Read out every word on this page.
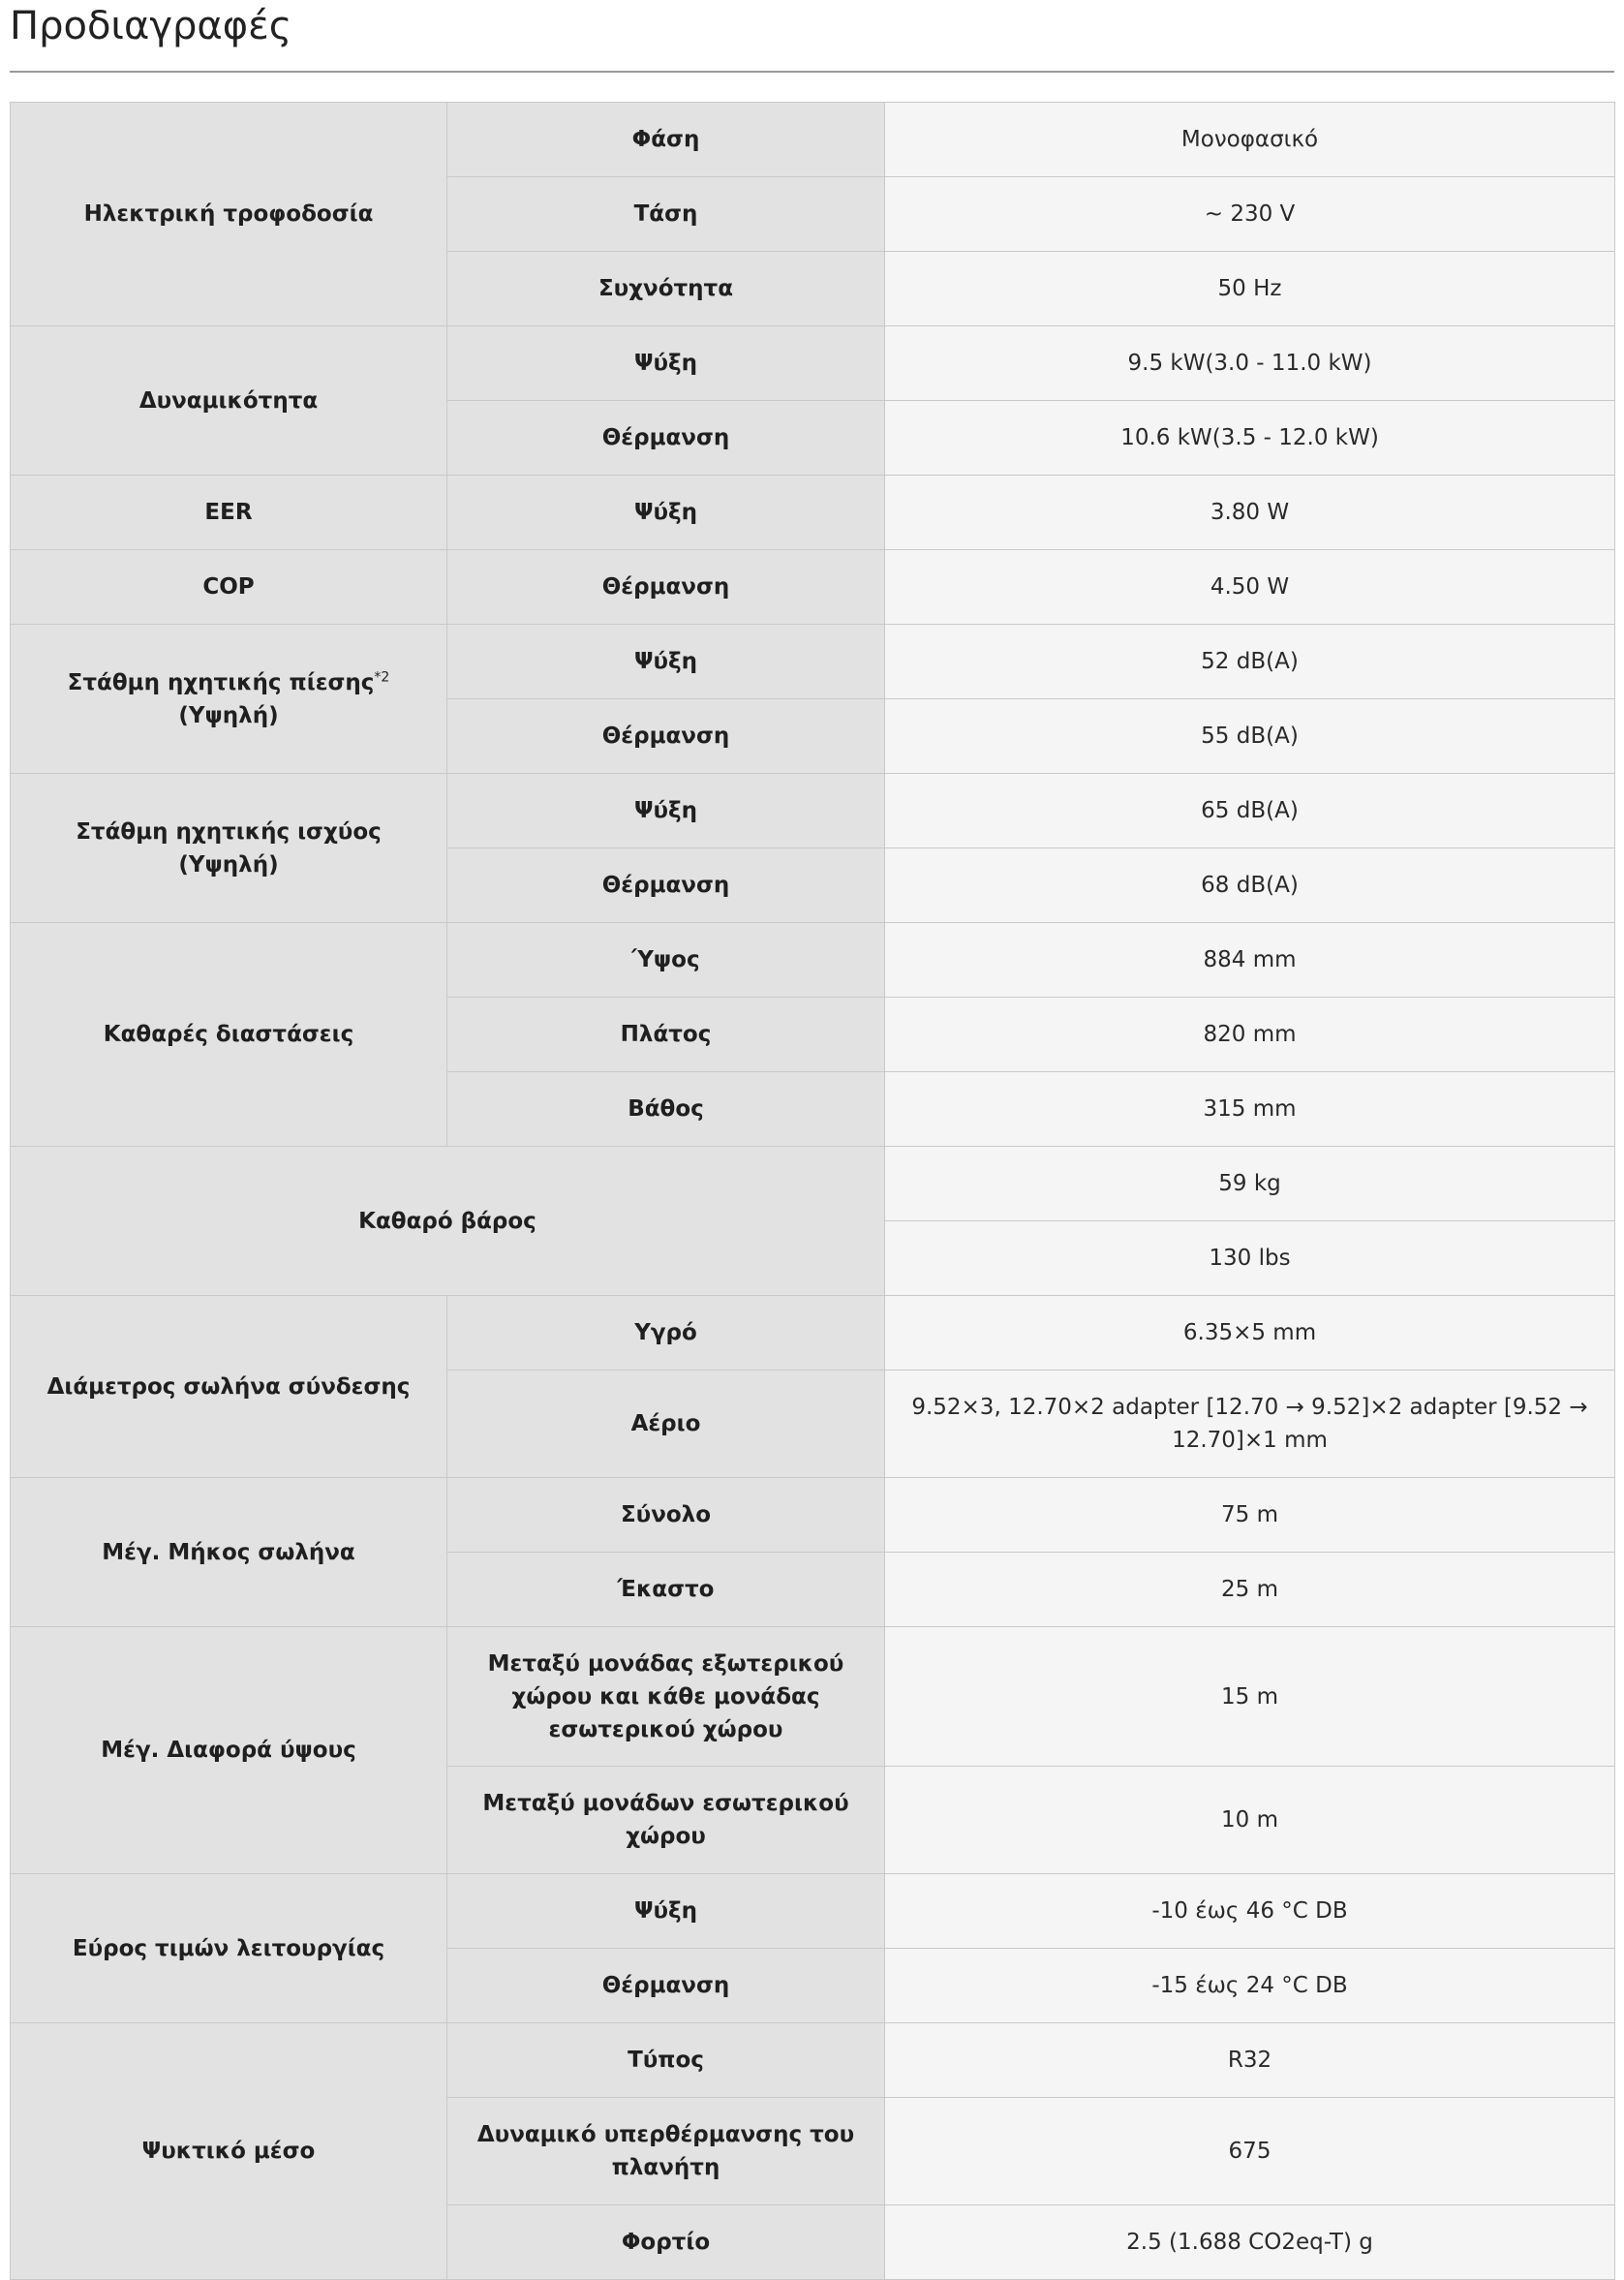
Προδιαγραφές
Ηλεκτρική τροφοδοσία	Φάση	Μονοφασικό
	Τάση	~ 230 V
	Συχνότητα	50 Hz
Δυναμικότητα	Ψύξη	9.5 kW(3.0 - 11.0 kW)
	Θέρμανση	10.6 kW(3.5 - 12.0 kW)
EER	Ψύξη	3.80 W
COP	Θέρμανση	4.50 W
Στάθμη ηχητικής πίεσης$^{*2}$ (Υψηλή)	Ψύξη	52 dB(A)
	Θέρμανση	55 dB(A)
Στάθμη ηχητικής ισχύος (Υψηλή)	Ψύξη	65 dB(A)
	Θέρμανση	68 dB(A)
Καθαρές διαστάσεις	Ύψος	884 mm
	Πλάτος	820 mm
	Βάθος	315 mm
Καθαρό βάρος		59 kg
		130 lbs
Διάμετρος σωλήνα σύνδεσης	Υγρό	6.35×5 mm
	Αέριο	9.52×3, 12.70×2 adapter [12.70 → 9.52]×2 adapter [9.52 → 12.70]×1 mm
Μέγ. Μήκος σωλήνα	Σύνολο	75 m
	Έκαστο	25 m
Μέγ. Διαφορά ύψους	Μεταξύ μονάδας εξωτερικού χώρου και κάθε μονάδας εσωτερικού χώρου	15 m
	Μεταξύ μονάδων εσωτερικού χώρου	10 m
Εύρος τιμών λειτουργίας	Ψύξη	-10 έως 46 °C DB
	Θέρμανση	-15 έως 24 °C DB
Ψυκτικό μέσο	Τύπος	R32
	Δυναμικό υπερθέρμανσης του πλανήτη	675
	Φορτίο	2.5 (1.688 CO2eq-T) g
